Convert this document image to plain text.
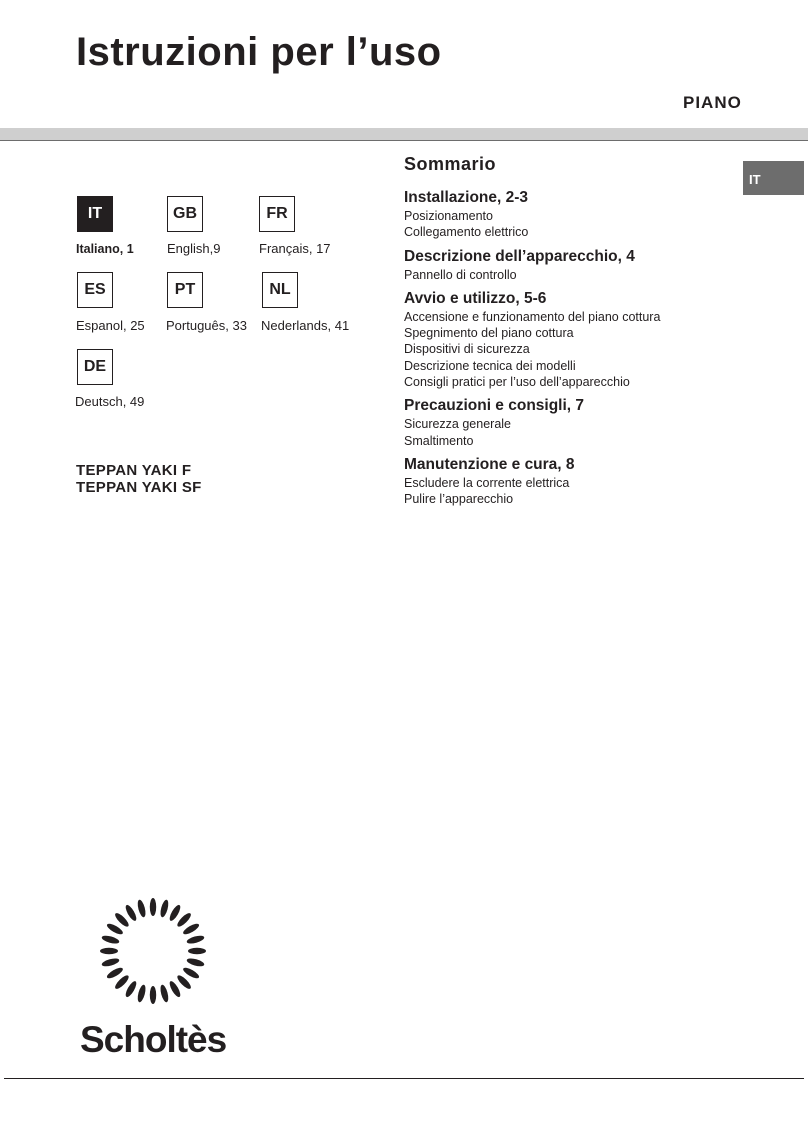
Istruzioni per l’uso
PIANO
IT
Italiano, 1
GB
English,9
FR
Français, 17
ES
Espanol, 25
PT
Português, 33
NL
Nederlands, 41
DE
Deutsch, 49
TEPPAN YAKI F
TEPPAN YAKI SF
Sommario
Installazione, 2-3
Posizionamento
Collegamento elettrico
Descrizione dell’apparecchio, 4
Pannello di controllo
Avvio e utilizzo, 5-6
Accensione e funzionamento del piano cottura
Spegnimento del piano cottura
Dispositivi di sicurezza
Descrizione tecnica dei modelli
Consigli pratici per l’uso dell’apparecchio
Precauzioni e consigli, 7
Sicurezza generale
Smaltimento
Manutenzione e cura, 8
Escludere la corrente elettrica
Pulire l’apparecchio
IT
Scholtès
